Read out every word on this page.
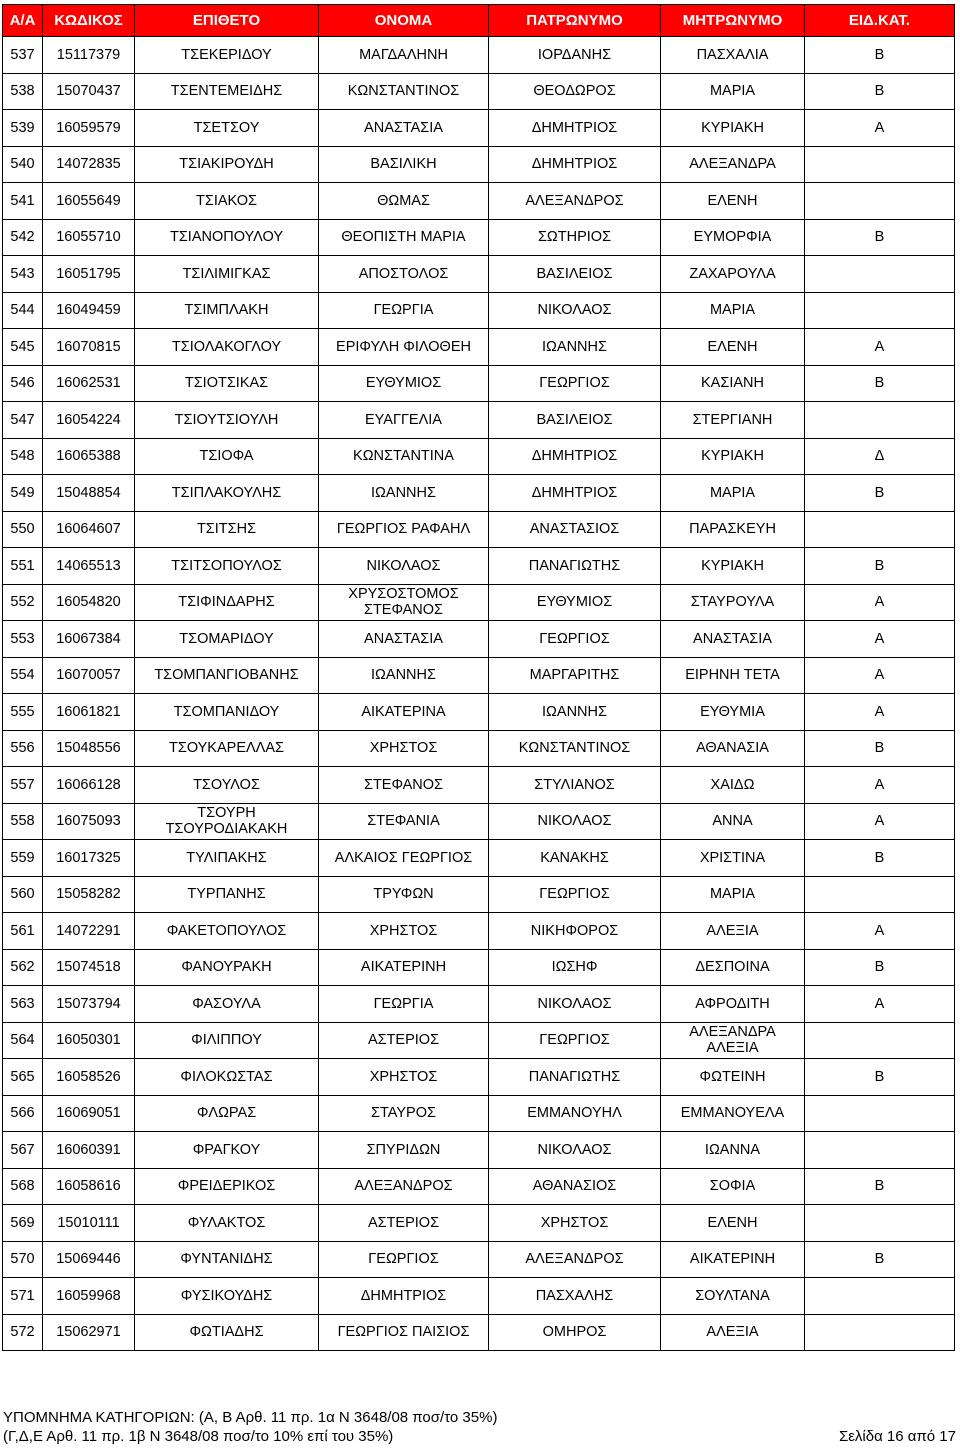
Α/Α	ΚΩΔΙΚΟΣ	ΕΠΙΘΕΤΟ	ΟΝΟΜΑ	ΠΑΤΡΩΝΥΜΟ	ΜΗΤΡΩΝΥΜΟ	ΕΙΔ.ΚΑΤ.
537	15117379	ΤΣΕΚΕΡΙΔΟΥ	ΜΑΓΔΑΛΗΝΗ	ΙΟΡΔΑΝΗΣ	ΠΑΣΧΑΛΙΑ	Β
538	15070437	ΤΣΕΝΤΕΜΕΙΔΗΣ	ΚΩΝΣΤΑΝΤΙΝΟΣ	ΘΕΟΔΩΡΟΣ	ΜΑΡΙΑ	Β
539	16059579	ΤΣΕΤΣΟΥ	ΑΝΑΣΤΑΣΙΑ	ΔΗΜΗΤΡΙΟΣ	ΚΥΡΙΑΚΗ	Α
540	14072835	ΤΣΙΑΚΙΡΟΥΔΗ	ΒΑΣΙΛΙΚΗ	ΔΗΜΗΤΡΙΟΣ	ΑΛΕΞΑΝΔΡΑ	
541	16055649	ΤΣΙΑΚΟΣ	ΘΩΜΑΣ	ΑΛΕΞΑΝΔΡΟΣ	ΕΛΕΝΗ	
542	16055710	ΤΣΙΑΝΟΠΟΥΛΟΥ	ΘΕΟΠΙΣΤΗ ΜΑΡΙΑ	ΣΩΤΗΡΙΟΣ	ΕΥΜΟΡΦΙΑ	Β
543	16051795	ΤΣΙΛΙΜΙΓΚΑΣ	ΑΠΟΣΤΟΛΟΣ	ΒΑΣΙΛΕΙΟΣ	ΖΑΧΑΡΟΥΛΑ	
544	16049459	ΤΣΙΜΠΛΑΚΗ	ΓΕΩΡΓΙΑ	ΝΙΚΟΛΑΟΣ	ΜΑΡΙΑ	
545	16070815	ΤΣΙΟΛΑΚΟΓΛΟΥ	ΕΡΙΦΥΛΗ ΦΙΛΟΘΕΗ	ΙΩΑΝΝΗΣ	ΕΛΕΝΗ	Α
546	16062531	ΤΣΙΟΤΣΙΚΑΣ	ΕΥΘΥΜΙΟΣ	ΓΕΩΡΓΙΟΣ	ΚΑΣΙΑΝΗ	Β
547	16054224	ΤΣΙΟΥΤΣΙΟΥΛΗ	ΕΥΑΓΓΕΛΙΑ	ΒΑΣΙΛΕΙΟΣ	ΣΤΕΡΓΙΑΝΗ	
548	16065388	ΤΣΙΟΦΑ	ΚΩΝΣΤΑΝΤΙΝΑ	ΔΗΜΗΤΡΙΟΣ	ΚΥΡΙΑΚΗ	Δ
549	15048854	ΤΣΙΠΛΑΚΟΥΛΗΣ	ΙΩΑΝΝΗΣ	ΔΗΜΗΤΡΙΟΣ	ΜΑΡΙΑ	Β
550	16064607	ΤΣΙΤΣΗΣ	ΓΕΩΡΓΙΟΣ ΡΑΦΑΗΛ	ΑΝΑΣΤΑΣΙΟΣ	ΠΑΡΑΣΚΕΥΗ	
551	14065513	ΤΣΙΤΣΟΠΟΥΛΟΣ	ΝΙΚΟΛΑΟΣ	ΠΑΝΑΓΙΩΤΗΣ	ΚΥΡΙΑΚΗ	Β
552	16054820	ΤΣΙΦΙΝΔΑΡΗΣ	ΧΡΥΣΟΣΤΟΜΟΣ ΣΤΕΦΑΝΟΣ	ΕΥΘΥΜΙΟΣ	ΣΤΑΥΡΟΥΛΑ	Α
553	16067384	ΤΣΟΜΑΡΙΔΟΥ	ΑΝΑΣΤΑΣΙΑ	ΓΕΩΡΓΙΟΣ	ΑΝΑΣΤΑΣΙΑ	Α
554	16070057	ΤΣΟΜΠΑΝΓΙΟΒΑΝΗΣ	ΙΩΑΝΝΗΣ	ΜΑΡΓΑΡΙΤΗΣ	ΕΙΡΗΝΗ ΤΕΤΑ	Α
555	16061821	ΤΣΟΜΠΑΝΙΔΟΥ	ΑΙΚΑΤΕΡΙΝΑ	ΙΩΑΝΝΗΣ	ΕΥΘΥΜΙΑ	Α
556	15048556	ΤΣΟΥΚΑΡΕΛΛΑΣ	ΧΡΗΣΤΟΣ	ΚΩΝΣΤΑΝΤΙΝΟΣ	ΑΘΑΝΑΣΙΑ	Β
557	16066128	ΤΣΟΥΛΟΣ	ΣΤΕΦΑΝΟΣ	ΣΤΥΛΙΑΝΟΣ	ΧΑΙΔΩ	Α
558	16075093	ΤΣΟΥΡΗ ΤΣΟΥΡΟΔΙΑΚΑΚΗ	ΣΤΕΦΑΝΙΑ	ΝΙΚΟΛΑΟΣ	ΑΝΝΑ	Α
559	16017325	ΤΥΛΙΠΑΚΗΣ	ΑΛΚΑΙΟΣ ΓΕΩΡΓΙΟΣ	ΚΑΝΑΚΗΣ	ΧΡΙΣΤΙΝΑ	Β
560	15058282	ΤΥΡΠΑΝΗΣ	ΤΡΥΦΩΝ	ΓΕΩΡΓΙΟΣ	ΜΑΡΙΑ	
561	14072291	ΦΑΚΕΤΟΠΟΥΛΟΣ	ΧΡΗΣΤΟΣ	ΝΙΚΗΦΟΡΟΣ	ΑΛΕΞΙΑ	Α
562	15074518	ΦΑΝΟΥΡΑΚΗ	ΑΙΚΑΤΕΡΙΝΗ	ΙΩΣΗΦ	ΔΕΣΠΟΙΝΑ	Β
563	15073794	ΦΑΣΟΥΛΑ	ΓΕΩΡΓΙΑ	ΝΙΚΟΛΑΟΣ	ΑΦΡΟΔΙΤΗ	Α
564	16050301	ΦΙΛΙΠΠΟΥ	ΑΣΤΕΡΙΟΣ	ΓΕΩΡΓΙΟΣ	ΑΛΕΞΑΝΔΡΑ ΑΛΕΞΙΑ	
565	16058526	ΦΙΛΟΚΩΣΤΑΣ	ΧΡΗΣΤΟΣ	ΠΑΝΑΓΙΩΤΗΣ	ΦΩΤΕΙΝΗ	Β
566	16069051	ΦΛΩΡΑΣ	ΣΤΑΥΡΟΣ	ΕΜΜΑΝΟΥΗΛ	ΕΜΜΑΝΟΥΕΛΑ	
567	16060391	ΦΡΑΓΚΟΥ	ΣΠΥΡΙΔΩΝ	ΝΙΚΟΛΑΟΣ	ΙΩΑΝΝΑ	
568	16058616	ΦΡΕΙΔΕΡΙΚΟΣ	ΑΛΕΞΑΝΔΡΟΣ	ΑΘΑΝΑΣΙΟΣ	ΣΟΦΙΑ	Β
569	15010111	ΦΥΛΑΚΤΟΣ	ΑΣΤΕΡΙΟΣ	ΧΡΗΣΤΟΣ	ΕΛΕΝΗ	
570	15069446	ΦΥΝΤΑΝΙΔΗΣ	ΓΕΩΡΓΙΟΣ	ΑΛΕΞΑΝΔΡΟΣ	ΑΙΚΑΤΕΡΙΝΗ	Β
571	16059968	ΦΥΣΙΚΟΥΔΗΣ	ΔΗΜΗΤΡΙΟΣ	ΠΑΣΧΑΛΗΣ	ΣΟΥΛΤΑΝΑ	
572	15062971	ΦΩΤΙΑΔΗΣ	ΓΕΩΡΓΙΟΣ ΠΑΙΣΙΟΣ	ΟΜΗΡΟΣ	ΑΛΕΞΙΑ	
ΥΠΟΜΝΗΜΑ ΚΑΤΗΓΟΡΙΩΝ: (Α, Β Αρθ. 11 πρ. 1α Ν 3648/08 ποσ/το 35%)
(Γ,Δ,Ε Αρθ. 11 πρ. 1β Ν 3648/08 ποσ/το 10% επί του 35%)	Σελίδα 16 από 17
